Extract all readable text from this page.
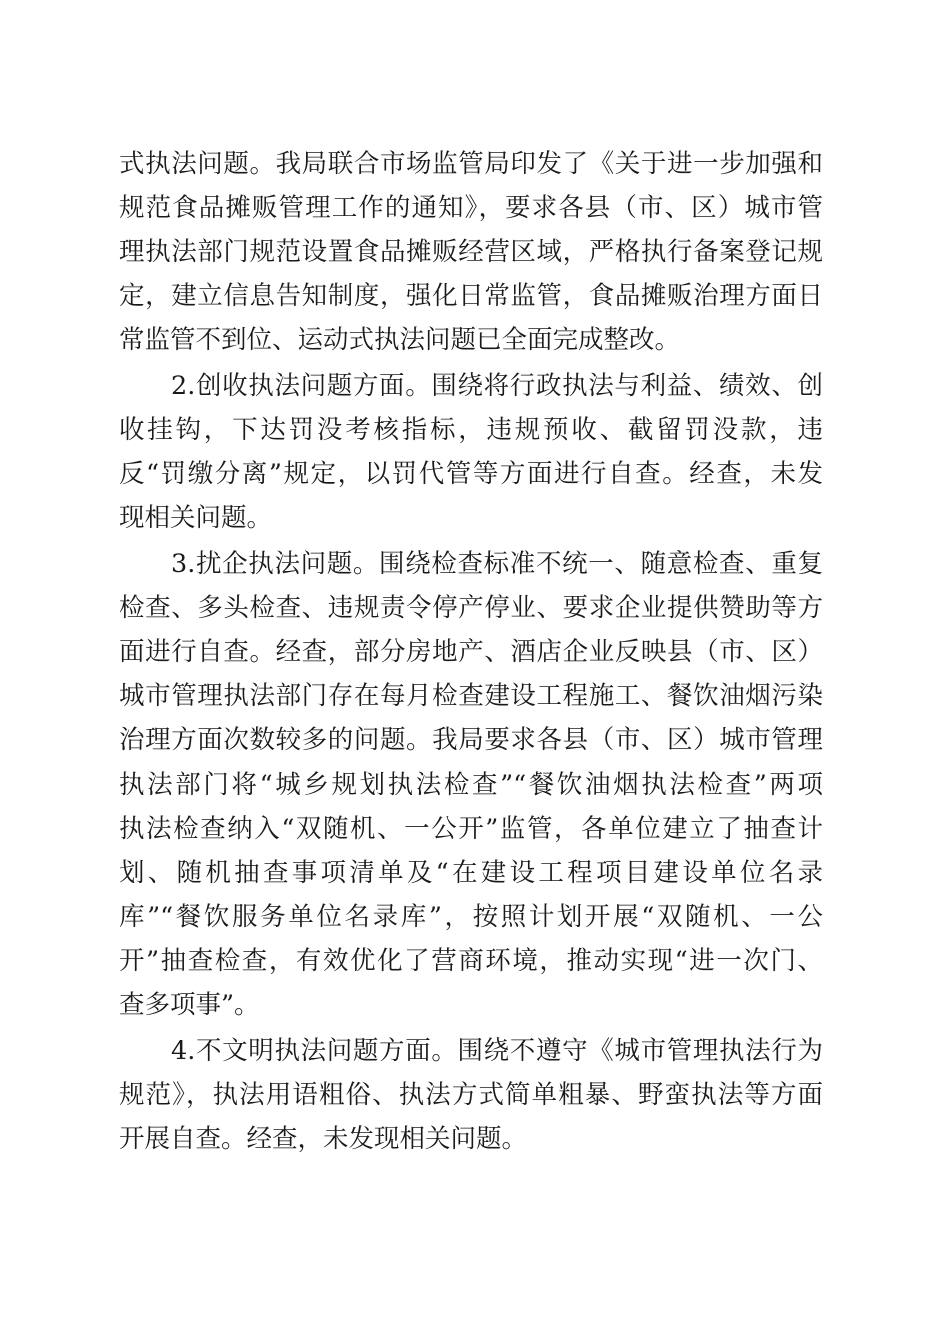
式执法问题。我局联合市场监管局印发了《关于进一步加强和
规范食品摊贩管理工作的通知》，要求各县（市、区）城市管
理执法部门规范设置食品摊贩经营区域，严格执行备案登记规
定，建立信息告知制度，强化日常监管，食品摊贩治理方面日
常监管不到位、运动式执法问题已全面完成整改。
2.创收执法问题方面。围绕将行政执法与利益、绩效、创
收挂钩，下达罚没考核指标，违规预收、截留罚没款，违
反“罚缴分离”规定，以罚代管等方面进行自查。经查，未发
现相关问题。
3.扰企执法问题。围绕检查标准不统一、随意检查、重复
检查、多头检查、违规责令停产停业、要求企业提供赞助等方
面进行自查。经查，部分房地产、酒店企业反映县（市、区）
城市管理执法部门存在每月检查建设工程施工、餐饮油烟污染
治理方面次数较多的问题。我局要求各县（市、区）城市管理
执法部门将“城乡规划执法检查”“餐饮油烟执法检查”两项
执法检查纳入“双随机、一公开”监管，各单位建立了抽查计
划、随机抽查事项清单及“在建设工程项目建设单位名录
库”“餐饮服务单位名录库”，按照计划开展“双随机、一公
开”抽查检查，有效优化了营商环境，推动实现“进一次门、
查多项事”。
4.不文明执法问题方面。围绕不遵守《城市管理执法行为
规范》，执法用语粗俗、执法方式简单粗暴、野蛮执法等方面
开展自查。经查，未发现相关问题。
